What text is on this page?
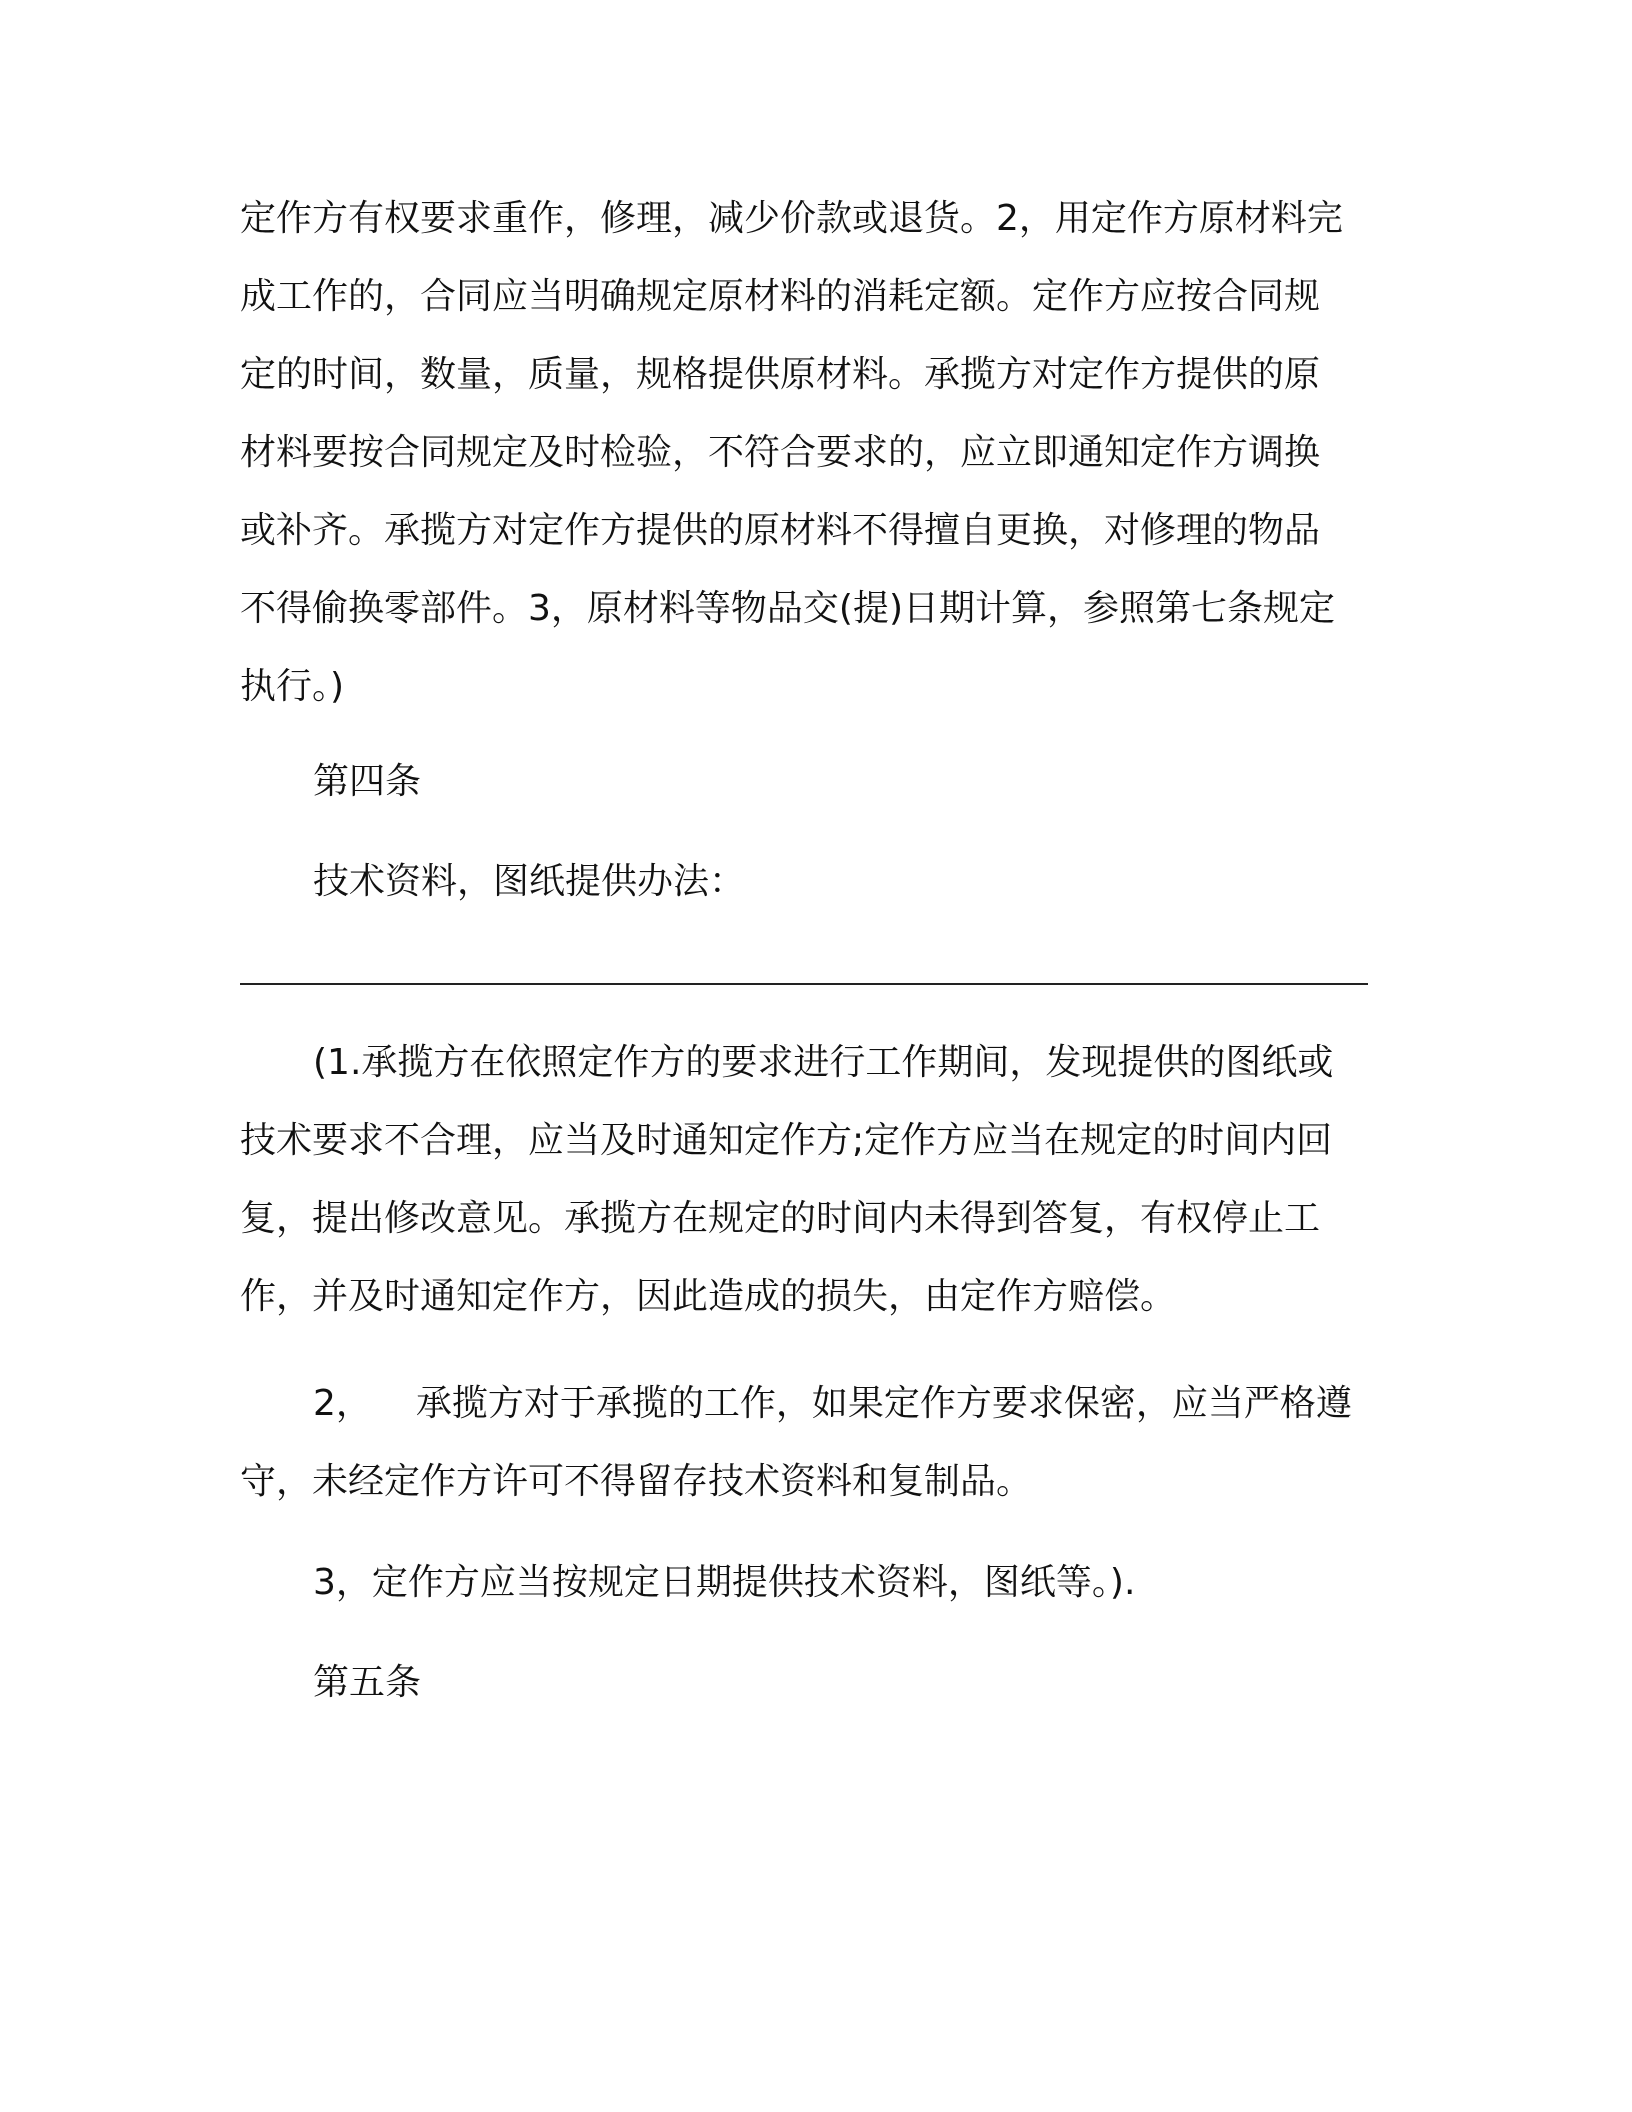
定作方有权要求重作，修理，减少价款或退货。2，用定作方原材料完
成工作的，合同应当明确规定原材料的消耗定额。定作方应按合同规
定的时间，数量，质量，规格提供原材料。承揽方对定作方提供的原
材料要按合同规定及时检验，不符合要求的，应立即通知定作方调换
或补齐。承揽方对定作方提供的原材料不得擅自更换，对修理的物品
不得偷换零部件。3，原材料等物品交(提)日期计算，参照第七条规定
执行。)
第四条
技术资料，图纸提供办法：
(1.承揽方在依照定作方的要求进行工作期间，发现提供的图纸或
技术要求不合理，应当及时通知定作方;定作方应当在规定的时间内回
复，提出修改意见。承揽方在规定的时间内未得到答复，有权停止工
作，并及时通知定作方，因此造成的损失，由定作方赔偿。
2， 承揽方对于承揽的工作，如果定作方要求保密，应当严格遵
守，未经定作方许可不得留存技术资料和复制品。
3，定作方应当按规定日期提供技术资料，图纸等。).
第五条
